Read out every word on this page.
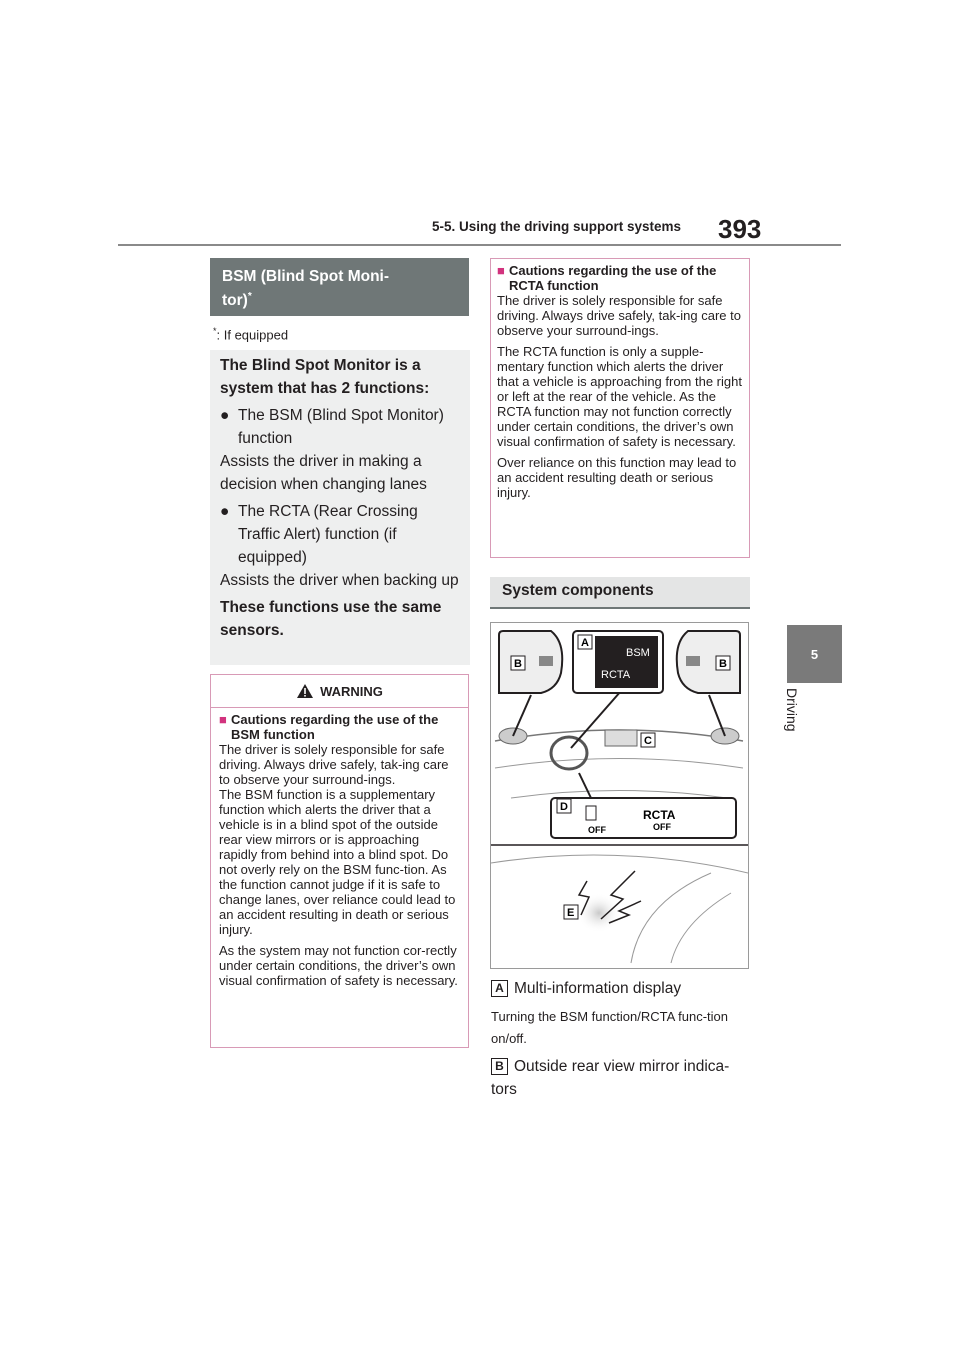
5-5. Using the driving support systems 393
5
Driving
BSM (Blind Spot Moni-
tor)*
*: If equipped

The Blind Spot Monitor is a system that has 2 functions:

● The BSM (Blind Spot Monitor) function

Assists the driver in making a decision when changing lanes

● The RCTA (Rear Crossing Traffic Alert) function (if equipped)

Assists the driver when backing up

These functions use the same sensors.

WARNING
■ Cautions regarding the use of the BSM function

The driver is solely responsible for safe driving. Always drive safely, tak-ing care to observe your surround-ings.

The BSM function is a supplementary function which alerts the driver that a vehicle is in a blind spot of the outside rear view mirrors or is approaching rapidly from behind into a blind spot. Do not overly rely on the BSM func-tion. As the function cannot judge if it is safe to change lanes, over reliance could lead to an accident resulting in death or serious injury.

As the system may not function cor-rectly under certain conditions, the driver’s own visual confirmation of safety is necessary.

■ Cautions regarding the use of the RCTA function

The driver is solely responsible for safe driving. Always drive safely, tak-ing care to observe your surround-ings.

The RCTA function is only a supple-mentary function which alerts the driver that a vehicle is approaching from the right or left at the rear of the vehicle. As the RCTA function may not function correctly under certain conditions, the driver’s own visual confirmation of safety is necessary.

Over reliance on this function may lead to an accident resulting death or serious injury.

System components
BSM
RCTA
OFF
RCTA
OFF
A
B	B
C
D
E
A Multi-information display
Turning the BSM function/RCTA func-tion on/off.
B Outside rear view mirror indica-tors
